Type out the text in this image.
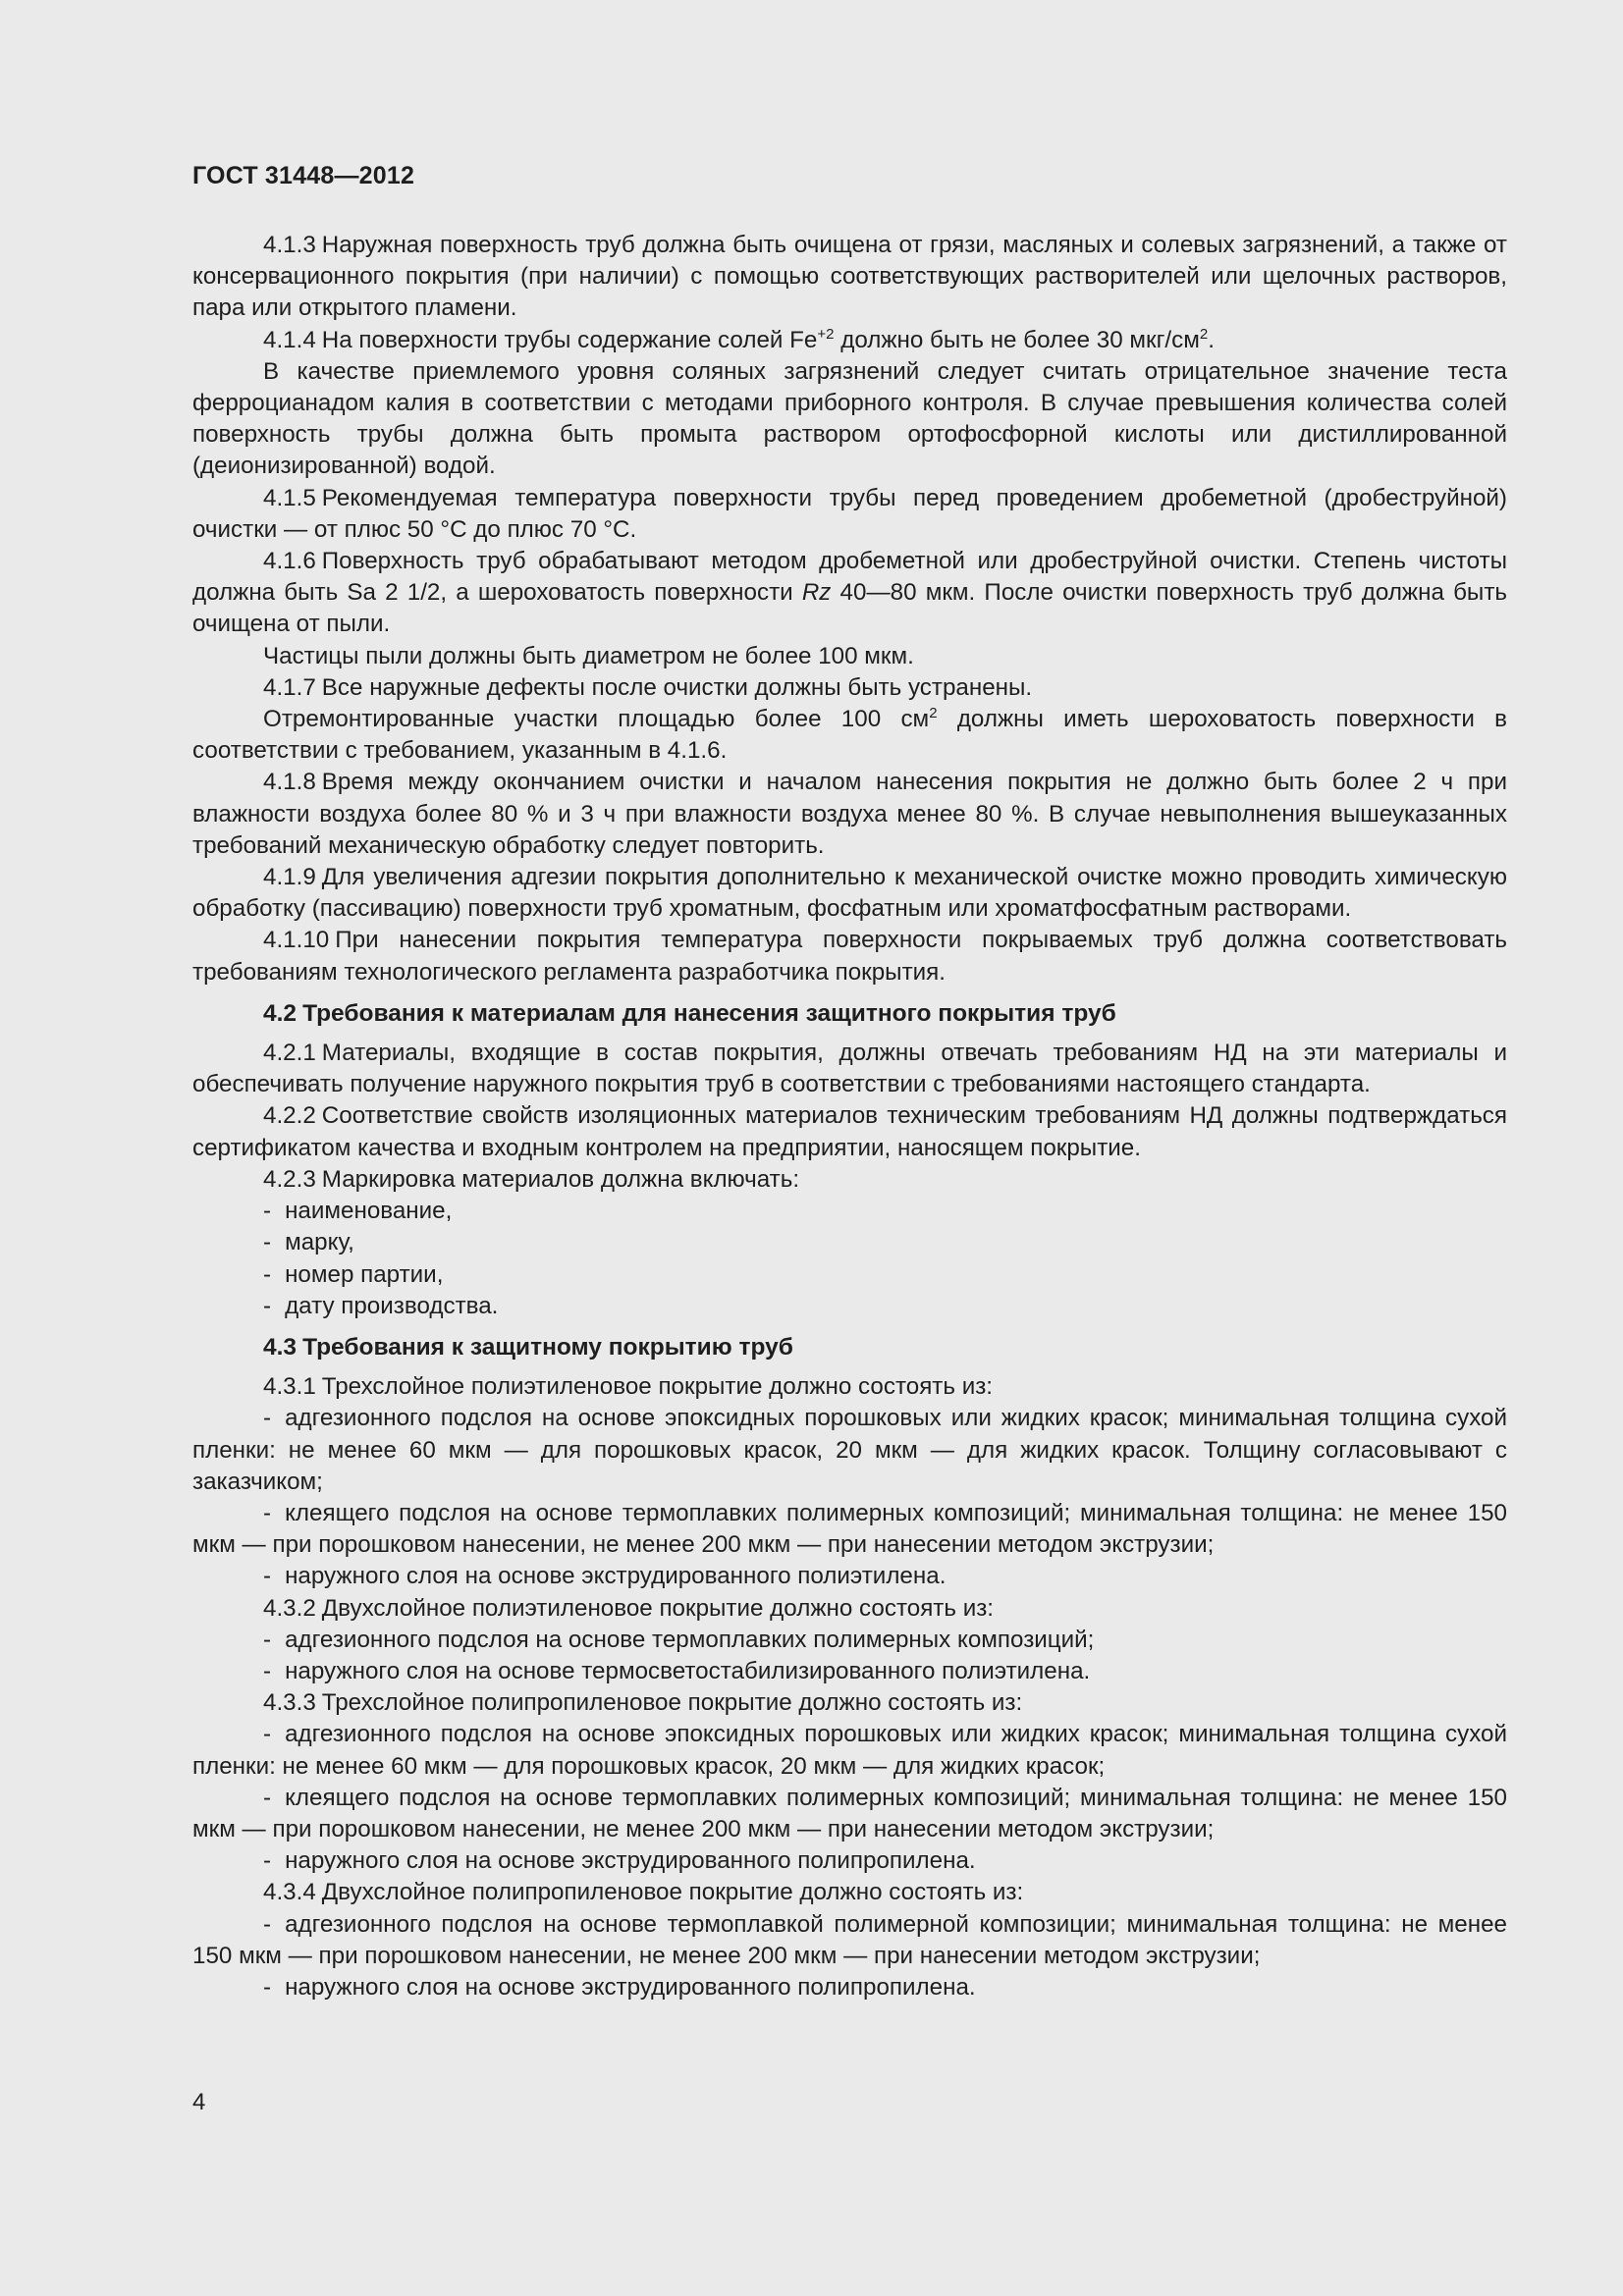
ГОСТ 31448—2012

4.1.3 Наружная поверхность труб должна быть очищена от грязи, масляных и солевых загрязнений, а также от консервационного покрытия (при наличии) с помощью соответствующих растворителей или щелочных растворов, пара или открытого пламени.

4.1.4 На поверхности трубы содержание солей $Fe^{+2}$ должно быть не более 30 мкг/$см^2$.

В качестве приемлемого уровня соляных загрязнений следует считать отрицательное значение теста ферроцианадом калия в соответствии с методами приборного контроля. В случае превышения количества солей поверхность трубы должна быть промыта раствором ортофосфорной кислоты или дистиллированной (деионизированной) водой.

4.1.5 Рекомендуемая температура поверхности трубы перед проведением дробеметной (дробеструйной) очистки — от плюс 50 °С до плюс 70 °С.

4.1.6 Поверхность труб обрабатывают методом дробеметной или дробеструйной очистки. Степень чистоты должна быть Sa 2 1/2, а шероховатость поверхности Rz 40—80 мкм. После очистки поверхность труб должна быть очищена от пыли.

Частицы пыли должны быть диаметром не более 100 мкм.

4.1.7 Все наружные дефекты после очистки должны быть устранены.

Отремонтированные участки площадью более 100 $см^2$ должны иметь шероховатость поверхности в соответствии с требованием, указанным в 4.1.6.

4.1.8 Время между окончанием очистки и началом нанесения покрытия не должно быть более 2 ч при влажности воздуха более 80 % и 3 ч при влажности воздуха менее 80 %. В случае невыполнения вышеуказанных требований механическую обработку следует повторить.

4.1.9 Для увеличения адгезии покрытия дополнительно к механической очистке можно проводить химическую обработку (пассивацию) поверхности труб хроматным, фосфатным или хроматфосфатным растворами.

4.1.10 При нанесении покрытия температура поверхности покрываемых труб должна соответствовать требованиям технологического регламента разработчика покрытия.

4.2 Требования к материалам для нанесения защитного покрытия труб

4.2.1 Материалы, входящие в состав покрытия, должны отвечать требованиям НД на эти материалы и обеспечивать получение наружного покрытия труб в соответствии с требованиями настоящего стандарта.

4.2.2 Соответствие свойств изоляционных материалов техническим требованиям НД должны подтверждаться сертификатом качества и входным контролем на предприятии, наносящем покрытие.

4.2.3 Маркировка материалов должна включать:

- наименование,

- марку,

- номер партии,

- дату производства.

4.3 Требования к защитному покрытию труб

4.3.1 Трехслойное полиэтиленовое покрытие должно состоять из:

- адгезионного подслоя на основе эпоксидных порошковых или жидких красок; минимальная толщина сухой пленки: не менее 60 мкм — для порошковых красок, 20 мкм — для жидких красок. Толщину согласовывают с заказчиком;

- клеящего подслоя на основе термоплавких полимерных композиций; минимальная толщина: не менее 150 мкм — при порошковом нанесении, не менее 200 мкм — при нанесении методом экструзии;

- наружного слоя на основе экструдированного полиэтилена.

4.3.2 Двухслойное полиэтиленовое покрытие должно состоять из:

- адгезионного подслоя на основе термоплавких полимерных композиций;

- наружного слоя на основе термосветостабилизированного полиэтилена.

4.3.3 Трехслойное полипропиленовое покрытие должно состоять из:

- адгезионного подслоя на основе эпоксидных порошковых или жидких красок; минимальная толщина сухой пленки: не менее 60 мкм — для порошковых красок, 20 мкм — для жидких красок;

- клеящего подслоя на основе термоплавких полимерных композиций; минимальная толщина: не менее 150 мкм — при порошковом нанесении, не менее 200 мкм — при нанесении методом экструзии;

- наружного слоя на основе экструдированного полипропилена.

4.3.4 Двухслойное полипропиленовое покрытие должно состоять из:

- адгезионного подслоя на основе термоплавкой полимерной композиции; минимальная толщина: не менее 150 мкм — при порошковом нанесении, не менее 200 мкм — при нанесении методом экструзии;

- наружного слоя на основе экструдированного полипропилена.

4
